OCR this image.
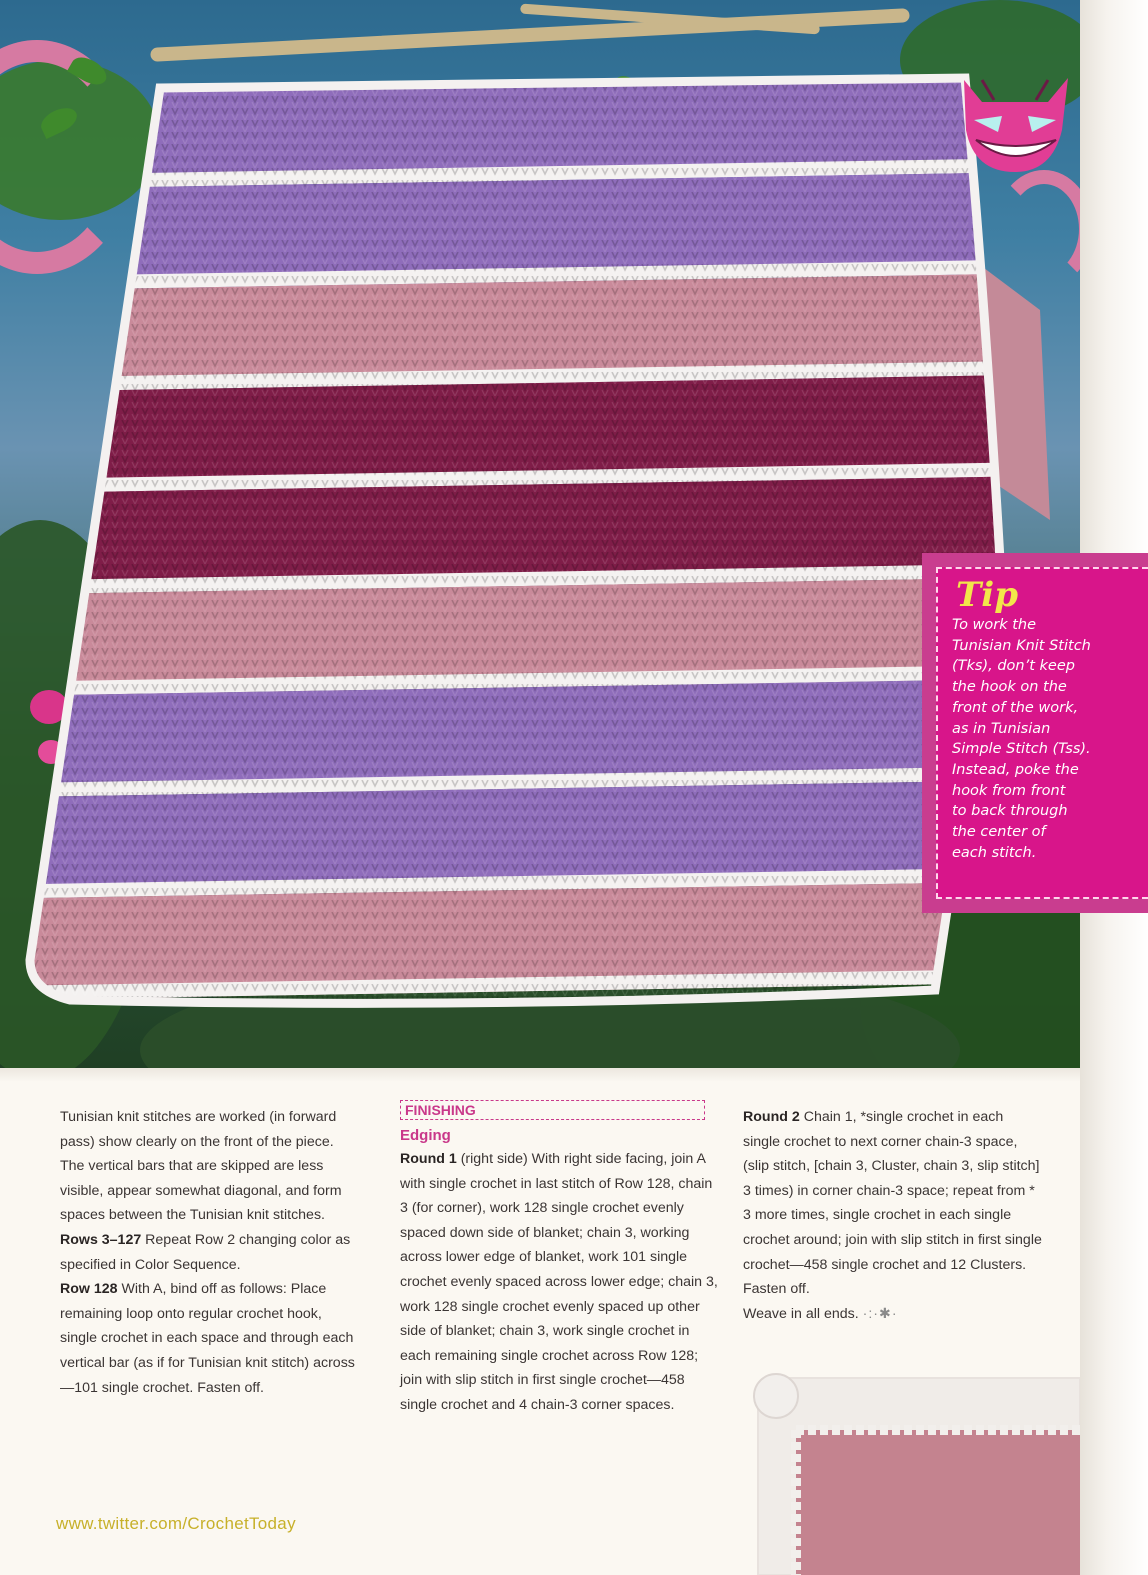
Tip
To work the
Tunisian Knit Stitch
(Tks), don’t keep
the hook on the
front of the work,
as in Tunisian
Simple Stitch (Tss).
Instead, poke the
hook from front
to back through
the center of
each stitch.

Tunisian knit stitches are worked (in forward pass) show clearly on the front of the piece. The vertical bars that are skipped are less visible, appear somewhat diagonal, and form spaces between the Tunisian knit stitches.

Rows 3–127 Repeat Row 2 changing color as specified in Color Sequence.

Row 128 With A, bind off as follows: Place remaining loop onto regular crochet hook, single crochet in each space and through each vertical bar (as if for Tunisian knit stitch) across—101 single crochet. Fasten off.

FINISHING
Edging

Round 1 (right side) With right side facing, join A with single crochet in last stitch of Row 128, chain 3 (for corner), work 128 single crochet evenly spaced down side of blanket; chain 3, working across lower edge of blanket, work 101 single crochet evenly spaced across lower edge; chain 3, work 128 single crochet evenly spaced up other side of blanket; chain 3, work single crochet in each remaining single crochet across Row 128; join with slip stitch in first single crochet—458 single crochet and 4 chain-3 corner spaces.

Round 2 Chain 1, *single crochet in each single crochet to next corner chain-3 space, (slip stitch, [chain 3, Cluster, chain 3, slip stitch] 3 times) in corner chain-3 space; repeat from * 3 more times, single crochet in each single crochet around; join with slip stitch in first single crochet—458 single crochet and 12 Clusters.

Fasten off.

Weave in all ends. ·:·✱·

www.twitter.com/CrochetToday
